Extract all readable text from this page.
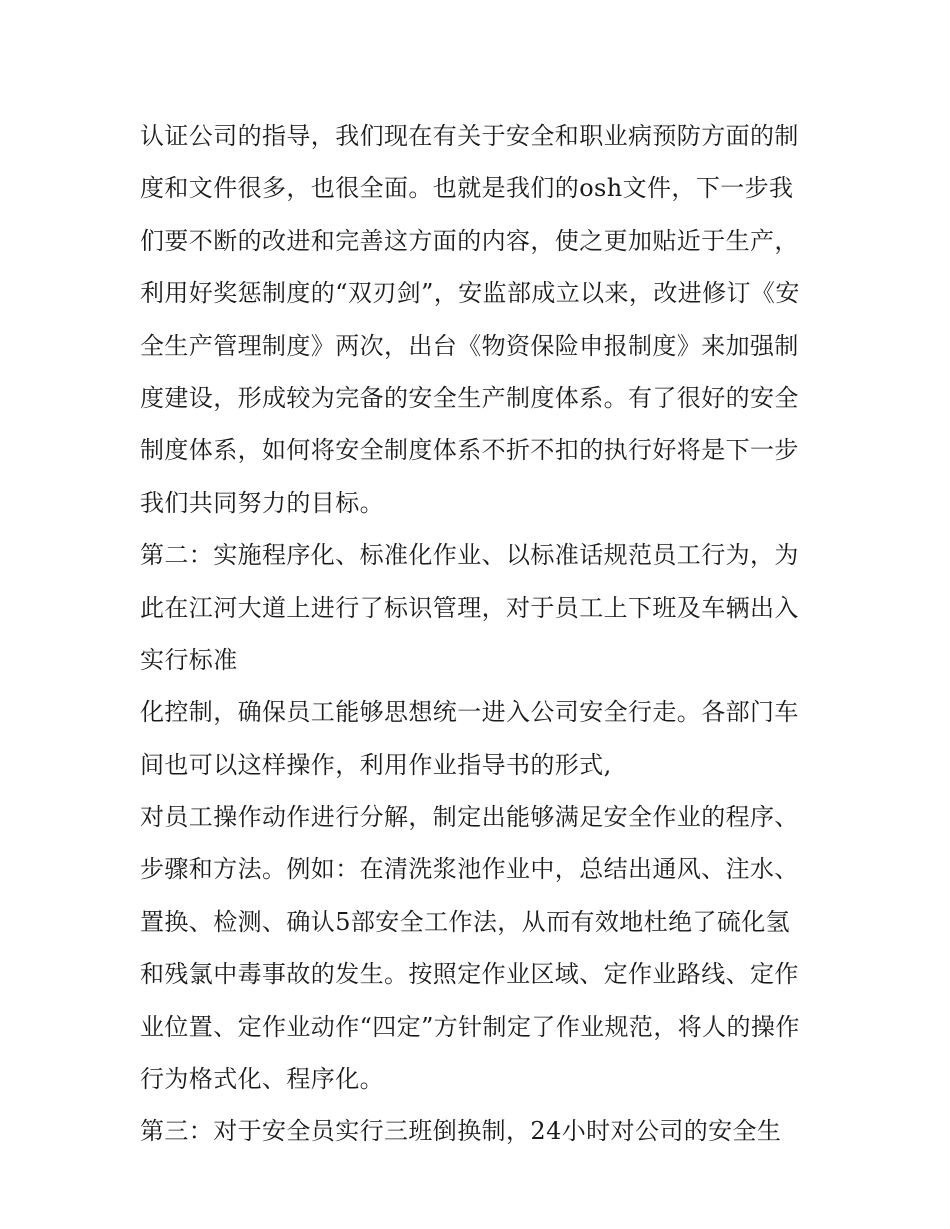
认证公司的指导，我们现在有关于安全和职业病预防方面的制
度和文件很多，也很全面。也就是我们的osh文件，下一步我
们要不断的改进和完善这方面的内容，使之更加贴近于生产，
利用好奖惩制度的“双刃剑”，安监部成立以来，改进修订《安
全生产管理制度》两次，出台《物资保险申报制度》来加强制
度建设，形成较为完备的安全生产制度体系。有了很好的安全
制度体系，如何将安全制度体系不折不扣的执行好将是下一步
我们共同努力的目标。
第二：实施程序化、标准化作业、以标准话规范员工行为，为
此在江河大道上进行了标识管理，对于员工上下班及车辆出入
实行标准
化控制，确保员工能够思想统一进入公司安全行走。各部门车
间也可以这样操作，利用作业指导书的形式,
对员工操作动作进行分解，制定出能够满足安全作业的程序、
步骤和方法。例如：在清洗浆池作业中，总结出通风、注水、
置换、检测、确认5部安全工作法，从而有效地杜绝了硫化氢
和残氯中毒事故的发生。按照定作业区域、定作业路线、定作
业位置、定作业动作“四定”方针制定了作业规范，将人的操作
行为格式化、程序化。
第三：对于安全员实行三班倒换制，24小时对公司的安全生
